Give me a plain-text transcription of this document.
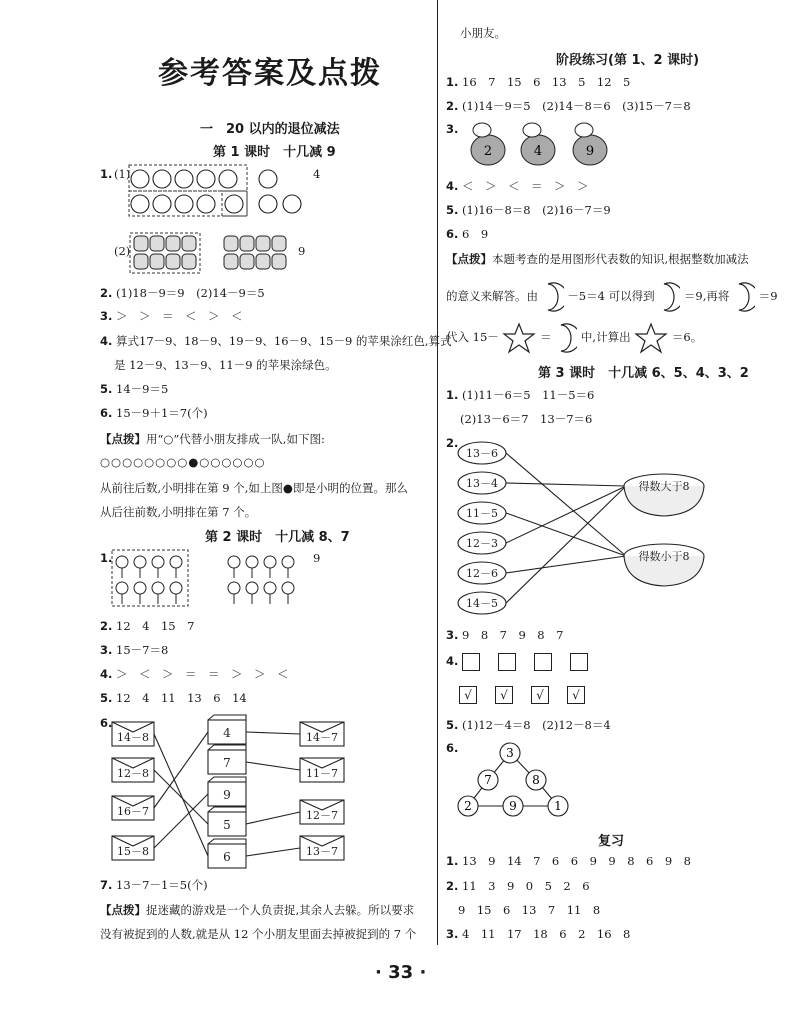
参考答案及点拨
一　20 以内的退位减法
第 1 课时　十几减 9
1. (1)	4
(2)	9
2. (1)18－9＝9　(2)14－9＝5
3. ＞　＞　＝　＜　＞　＜
4. 算式17－9、18－9、19－9、16－9、15－9 的苹果涂红色,算式
是 12－9、13－9、11－9 的苹果涂绿色。
5. 14－9＝5
6. 15－9＋1＝7(个)
【点拨】用“○”代替小朋友排成一队,如下图:
○○○○○○○○●○○○○○○
从前往后数,小明排在第 9 个,如上图●即是小明的位置。那么
从后往前数,小明排在第 7 个。
第 2 课时　十几减 8、7
1.	9
2. 12　4　15　7
3. 15－7＝8
4. ＞　＜　＞　＝　＝　＞　＞　＜
5. 12　4　11　13　6　14
6.
14－8
12－8
16－7
15－8
4
7
9
5
6
14－7
11－7
12－7
13－7
7. 13－7－1＝5(个)
【点拨】捉迷藏的游戏是一个人负责捉,其余人去躲。所以要求
没有被捉到的人数,就是从 12 个小朋友里面去掉被捉到的 7 个
小朋友。
阶段练习(第 1、2 课时)
1. 16　7　15　6　13　5　12　5
2. (1)14－9＝5　(2)14－8＝6　(3)15－7＝8
3.
2	4	9
4. ＜　＞　＜　＝　＞　＞
5. (1)16－8＝8　(2)16－7＝9
6. 6　9
【点拨】本题考查的是用图形代表数的知识,根据整数加减法
的意义来解答。由	－5＝4 可以得到	＝9,再将	＝9
代入 15－	＝	中,计算出	＝6。
第 3 课时　十几减 6、5、4、3、2
1. (1)11－6＝5　11－5＝6
(2)13－6＝7　13－7＝6
2.
13－6
13－4
11－5
12－3
12－6
14－5
得数大于8
得数小于8
3. 9　8　7　9　8　7
4.
√ √ √ √
5. (1)12－4＝8　(2)12－8＝4
6.	3
7	8
2	9	1
复习
1. 13　9　14　7　6　6　9　9　8　6　9　8
2. 11　3　9　0　5　2　6
9　15　6　13　7　11　8
3. 4　11　17　18　6　2　16　8
· 33 ·
